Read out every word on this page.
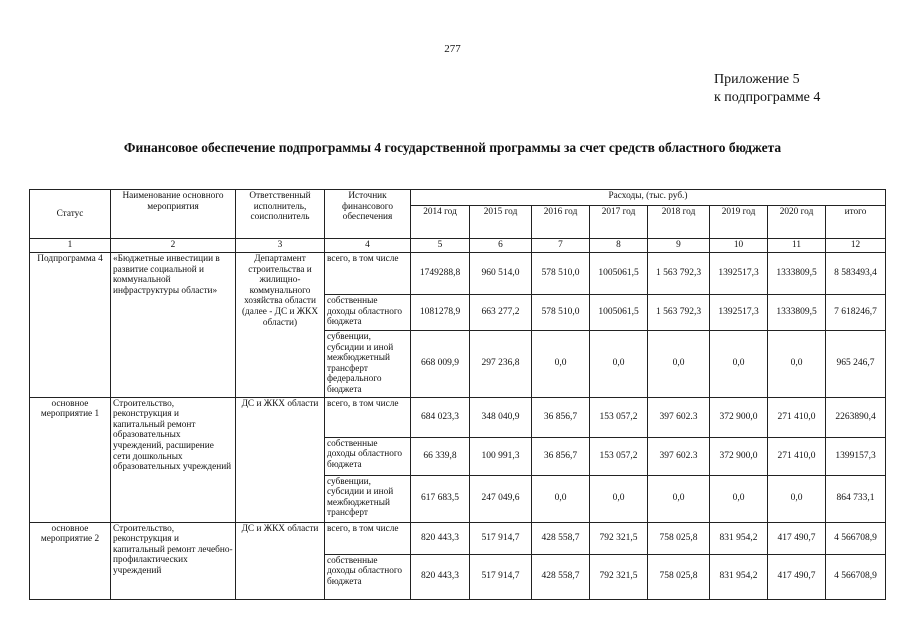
277
Приложение 5
к подпрограмме 4
Финансовое обеспечение подпрограммы 4 государственной программы за счет средств областного бюджета
Статус	Наименование основного мероприятия	Ответственный исполнитель, соисполнитель	Источник финансового обеспечения	Расходы, (тыс. руб.)							
				2014 год	2015 год	2016 год	2017 год	2018 год	2019 год	2020 год	итого
1	2	3	4	5	6	7	8	9	10	11	12
Подпрограмма 4	«Бюджетные инвестиции в развитие социальной и коммунальной инфраструктуры области»	Департамент строительства и жилищно-коммунального хозяйства области (далее - ДС и ЖКХ области)	всего, в том числе	1749288,8	960 514,0	578 510,0	1005061,5	1 563 792,3	1392517,3	1333809,5	8 583493,4
			собственные доходы областного бюджета	1081278,9	663 277,2	578 510,0	1005061,5	1 563 792,3	1392517,3	1333809,5	7 618246,7
			субвенции, субсидии и иной межбюджетный трансферт федерального бюджета	668 009,9	297 236,8	0,0	0,0	0,0	0,0	0,0	965 246,7
основное мероприятие 1	Строительство, реконструкция и капитальный ремонт образовательных учреждений, расширение сети дошкольных образовательных учреждений	ДС и ЖКХ области	всего, в том числе	684 023,3	348 040,9	36 856,7	153 057,2	397 602.3	372 900,0	271 410,0	2263890,4
			собственные доходы областного бюджета	66 339,8	100 991,3	36 856,7	153 057,2	397 602.3	372 900,0	271 410,0	1399157,3
			субвенции, субсидии и иной межбюджетный трансферт	617 683,5	247 049,6	0,0	0,0	0,0	0,0	0,0	864 733,1
основное мероприятие 2	Строительство, реконструкция и капитальный ремонт лечебно-профилактических учреждений	ДС и ЖКХ области	всего, в том числе	820 443,3	517 914,7	428 558,7	792 321,5	758 025,8	831 954,2	417 490,7	4 566708,9
			собственные доходы областного бюджета	820 443,3	517 914,7	428 558,7	792 321,5	758 025,8	831 954,2	417 490,7	4 566708,9
